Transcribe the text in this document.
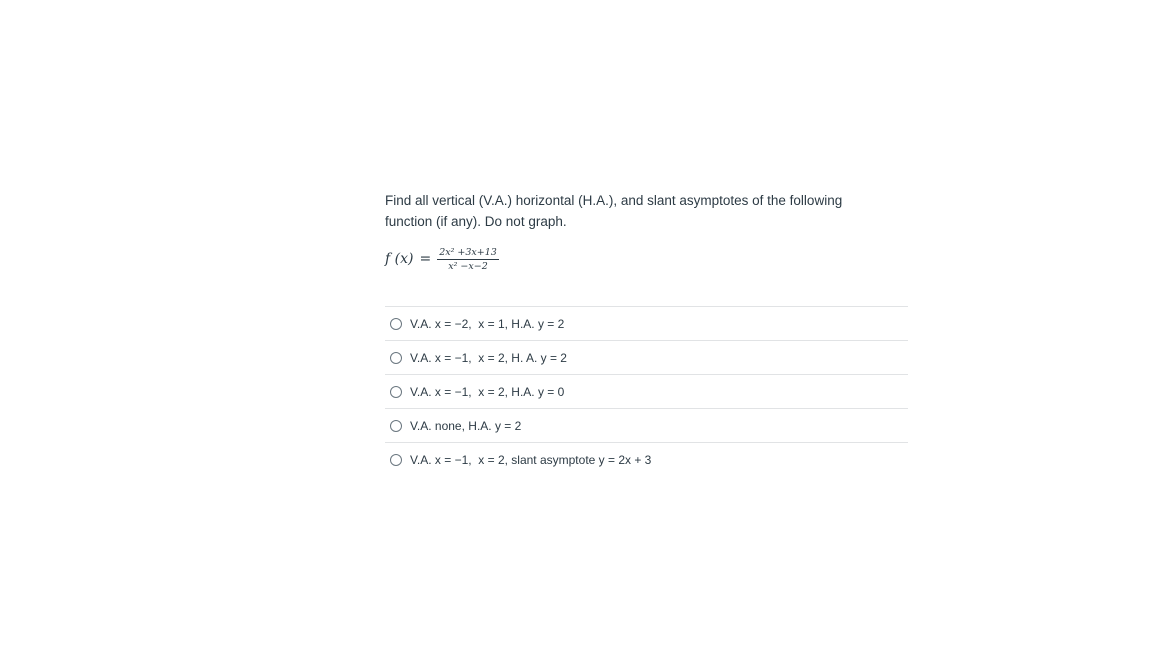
Find all vertical (V.A.) horizontal (H.A.), and slant asymptotes of the following
function (if any). Do not graph.

f $(x) = \frac{\text{2x² +3x+13}}{\text{x² −x−2}}$
V.A. x = −2,  x = 1, H.A. y = 2
V.A. x = −1,  x = 2, H. A. y = 2
V.A. x = −1,  x = 2, H.A. y = 0
V.A. none, H.A. y = 2
V.A. x = −1,  x = 2, slant asymptote y = 2x + 3
